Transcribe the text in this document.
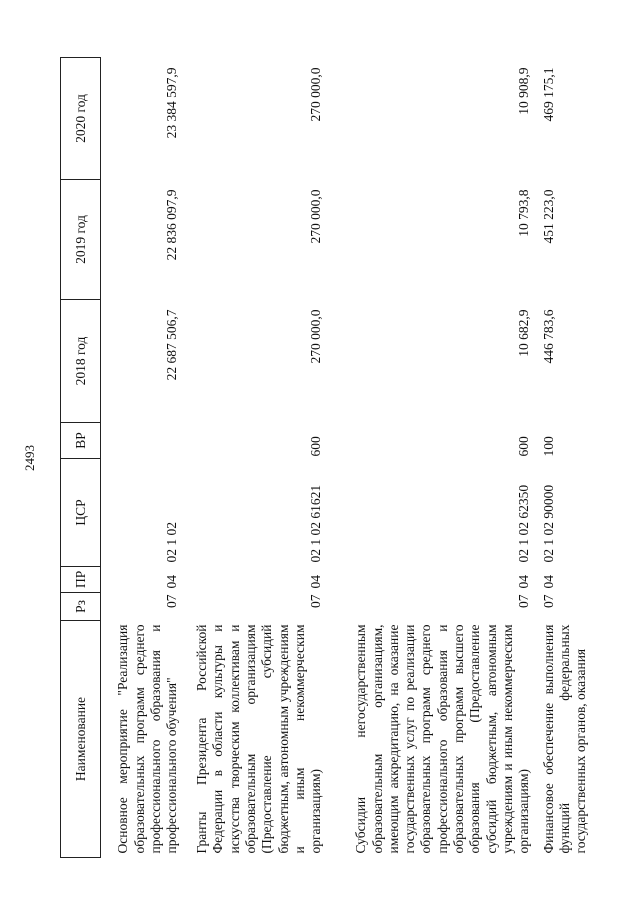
2493
Наименование	Рз	ПР	ЦСР	ВР	2018 год	2019 год	2020 год
Основное мероприятие "Реализация образовательных программ среднего профессионального образования и профессионального обучения"	07	04	02 1 02		22 687 506,7	22 836 097,9	23 384 597,9
Гранты Президента Российской Федерации в области культуры и искусства творческим коллективам и образовательным организациям (Предоставление субсидий бюджетным, автономным учреждениям и иным некоммерческим организациям)	07	04	02 1 02 61621	600	270 000,0	270 000,0	270 000,0
Субсидии негосударственным образовательным организациям, имеющим аккредитацию, на оказание государственных услуг по реализации образовательных программ среднего профессионального образования и образовательных программ высшего образования (Предоставление субсидий бюджетным, автономным учреждениям и иным некоммерческим организациям)	07	04	02 1 02 62350	600	10 682,9	10 793,8	10 908,9
Финансовое обеспечение выполнения функций федеральных государственных органов, оказания	07	04	02 1 02 90000	100	446 783,6	451 223,0	469 175,1
